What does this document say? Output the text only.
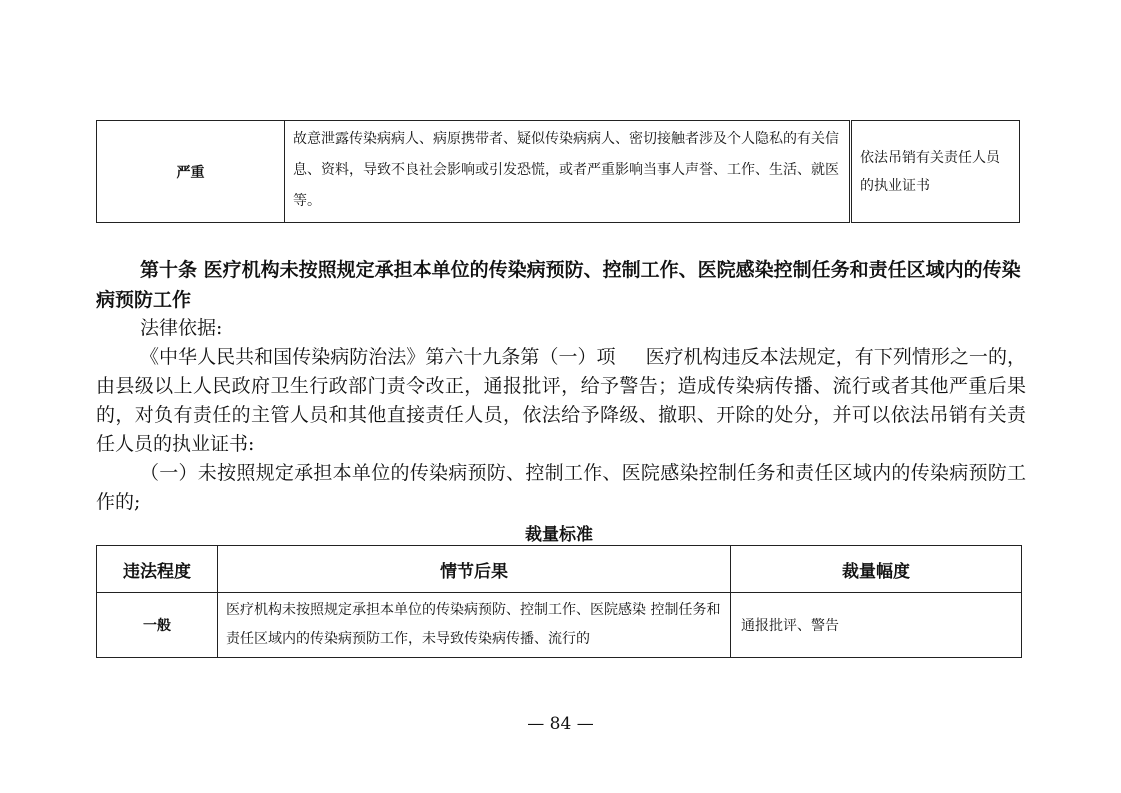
严重	故意泄露传染病病人、病原携带者、疑似传染病病人、密切接触者涉及个人隐私的有关信息、资料，导致不良社会影响或引发恐慌，或者严重影响当事人声誉、工作、生活、就医等。	依法吊销有关责任人员的执业证书

第十条 医疗机构未按照规定承担本单位的传染病预防、控制工作、医院感染控制任务和责任区域内的传染病预防工作

法律依据:

《中华人民共和国传染病防治法》第六十九条第（一）项 医疗机构违反本法规定，有下列情形之一的，由县级以上人民政府卫生行政部门责令改正，通报批评，给予警告；造成传染病传播、流行或者其他严重后果的，对负有责任的主管人员和其他直接责任人员，依法给予降级、撤职、开除的处分，并可以依法吊销有关责任人员的执业证书:

（一）未按照规定承担本单位的传染病预防、控制工作、医院感染控制任务和责任区域内的传染病预防工作的;

裁量标准

违法程度	情节后果	裁量幅度
一般	医疗机构未按照规定承担本单位的传染病预防、控制工作、医院感染 控制任务和责任区域内的传染病预防工作，未导致传染病传播、流行的	通报批评、警告

— 84 —
